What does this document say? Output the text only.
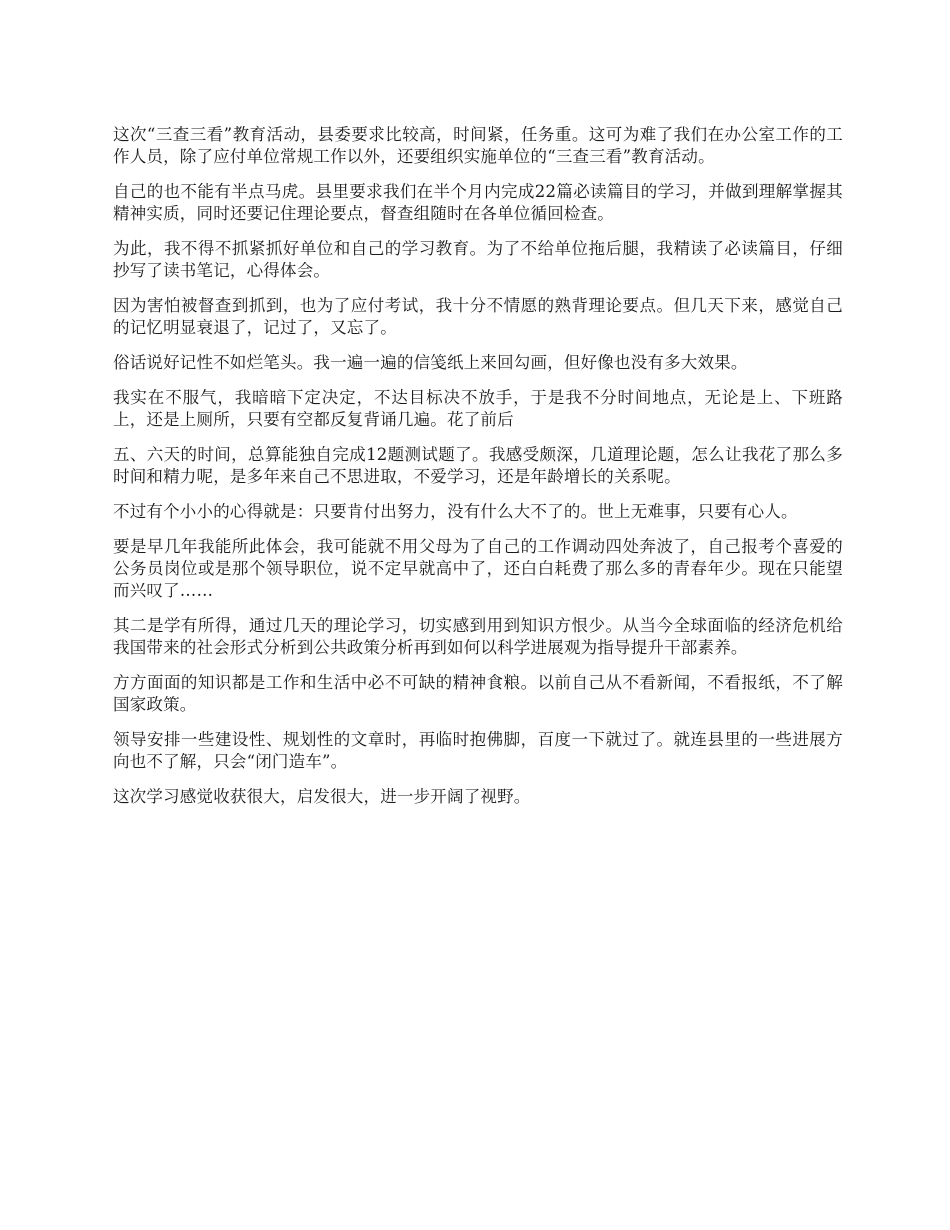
这次“三查三看”教育活动，县委要求比较高，时间紧，任务重。这可为难了我们在办公室工作的工作人员，除了应付单位常规工作以外，还要组织实施单位的“三查三看”教育活动。

自己的也不能有半点马虎。县里要求我们在半个月内完成22篇必读篇目的学习，并做到理解掌握其精神实质，同时还要记住理论要点，督查组随时在各单位循回检查。

为此，我不得不抓紧抓好单位和自己的学习教育。为了不给单位拖后腿，我精读了必读篇目，仔细抄写了读书笔记，心得体会。

因为害怕被督查到抓到，也为了应付考试，我十分不情愿的熟背理论要点。但几天下来，感觉自己的记忆明显衰退了，记过了，又忘了。

俗话说好记性不如烂笔头。我一遍一遍的信笺纸上来回勾画，但好像也没有多大效果。

我实在不服气，我暗暗下定决定，不达目标决不放手，于是我不分时间地点，无论是上、下班路上，还是上厕所，只要有空都反复背诵几遍。花了前后

五、六天的时间，总算能独自完成12题测试题了。我感受颇深，几道理论题，怎么让我花了那么多时间和精力呢，是多年来自己不思进取，不爱学习，还是年龄增长的关系呢。

不过有个小小的心得就是：只要肯付出努力，没有什么大不了的。世上无难事，只要有心人。

要是早几年我能所此体会，我可能就不用父母为了自己的工作调动四处奔波了，自己报考个喜爱的公务员岗位或是那个领导职位，说不定早就高中了，还白白耗费了那么多的青春年少。现在只能望而兴叹了……

其二是学有所得，通过几天的理论学习，切实感到用到知识方恨少。从当今全球面临的经济危机给我国带来的社会形式分析到公共政策分析再到如何以科学进展观为指导提升干部素养。

方方面面的知识都是工作和生活中必不可缺的精神食粮。以前自己从不看新闻，不看报纸，不了解国家政策。

领导安排一些建设性、规划性的文章时，再临时抱佛脚，百度一下就过了。就连县里的一些进展方向也不了解，只会“闭门造车”。

这次学习感觉收获很大，启发很大，进一步开阔了视野。
